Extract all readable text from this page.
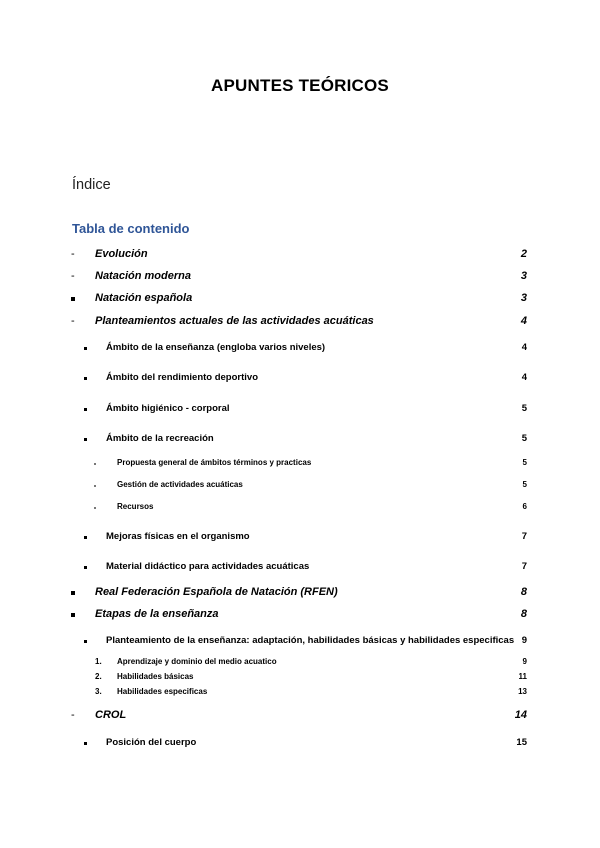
APUNTES TEÓRICOS
Índice
Tabla de contenido
- Evolución	2
- Natación moderna	3
Natación española	3
- Planteamientos actuales de las actividades acuáticas	4
Ámbito de la enseñanza (engloba varios niveles)	4
Ámbito del rendimiento deportivo	4
Ámbito higiénico - corporal	5
Ámbito de la recreación	5
Propuesta general de ámbitos términos y practicas	5
Gestión de actividades acuáticas	5
Recursos	6
Mejoras físicas en el organismo	7
Material didáctico para actividades acuáticas	7
Real Federación Española de Natación (RFEN)	8
Etapas de la enseñanza	8
Planteamiento de la enseñanza: adaptación, habilidades básicas y habilidades especificas 9
1. Aprendizaje y dominio del medio acuatico	9
2. Habilidades básicas	11
3. Habilidades especificas	13
- CROL	14
Posición del cuerpo	15
